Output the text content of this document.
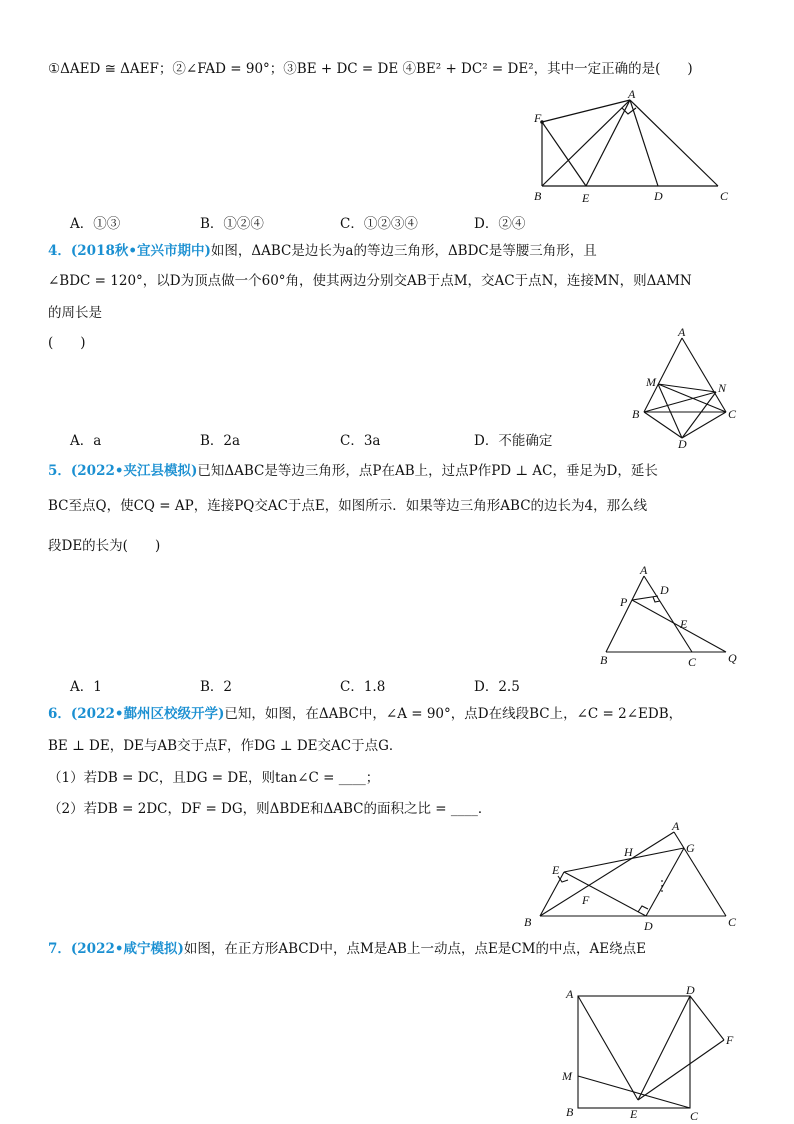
①ΔAED ≅ ΔAEF；②∠FAD = 90°；③BE + DC = DE ④BE² + DC² = DE²，其中一定正确的是(　　)
A
F
B	E	D	C
A．①③	B．①②④	C．①②③④	D．②④
4．(2018秋•宜兴市期中)如图，ΔABC是边长为a的等边三角形，ΔBDC是等腰三角形，且
∠BDC = 120°，以D为顶点做一个60°角，使其两边分别交AB于点M，交AC于点N，连接MN，则ΔAMN
的周长是
(　　)
A
M	N
B	C
D
A．a	B．2a	C．3a	D．不能确定
5．(2022•夹江县模拟)已知ΔABC是等边三角形，点P在AB上，过点P作PD ⊥ AC，垂足为D，延长
BC至点Q，使CQ = AP，连接PQ交AC于点E，如图所示．如果等边三角形ABC的边长为4，那么线
段DE的长为(　　)
A
D
P
E
B	C	Q
A．1	B．2	C．1.8	D．2.5
6．(2022•鄞州区校级开学)已知，如图，在ΔABC中，∠A = 90°，点D在线段BC上，∠C = 2∠EDB，
BE ⊥ DE，DE与AB交于点F，作DG ⊥ DE交AC于点G．
（1）若DB = DC，且DG = DE，则tan∠C = ____；
（2）若DB = 2DC，DF = DG，则ΔBDE和ΔABC的面积之比 = ____．
A
H	G
E
F
B	D	C
7．(2022•咸宁模拟)如图，在正方形ABCD中，点M是AB上一动点，点E是CM的中点，AE绕点E
A	D
F
M
E
B	C
